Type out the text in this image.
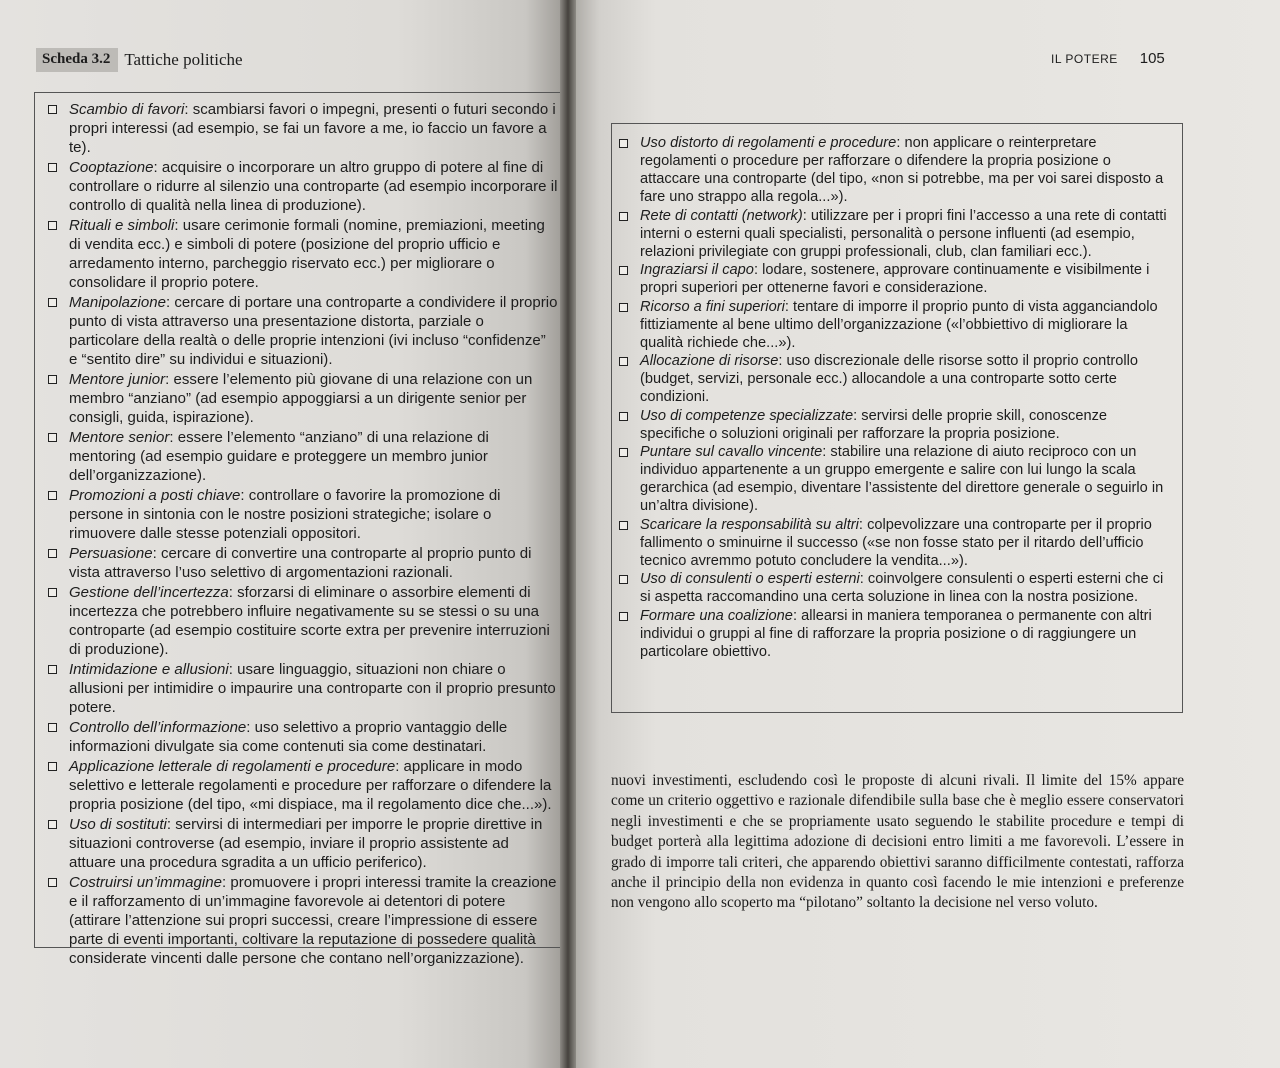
Scheda 3.2 Tattiche politiche
Scambio di favori: scambiarsi favori o impegni, presenti o futuri secondo i propri interessi (ad esempio, se fai un favore a me, io faccio un favore a te).
Cooptazione: acquisire o incorporare un altro gruppo di potere al fine di controllare o ridurre al silenzio una controparte (ad esempio incorporare il controllo di qualità nella linea di produzione).
Rituali e simboli: usare cerimonie formali (nomine, premiazioni, meeting di vendita ecc.) e simboli di potere (posizione del proprio ufficio e arredamento interno, parcheggio riservato ecc.) per migliorare o consolidare il proprio potere.
Manipolazione: cercare di portare una controparte a condividere il proprio punto di vista attraverso una presentazione distorta, parziale o particolare della realtà o delle proprie intenzioni (ivi incluso “confidenze” e “sentito dire” su individui e situazioni).
Mentore junior: essere l’elemento più giovane di una relazione con un membro “anziano” (ad esempio appoggiarsi a un dirigente senior per consigli, guida, ispirazione).
Mentore senior: essere l’elemento “anziano” di una relazione di mentoring (ad esempio guidare e proteggere un membro junior dell’organizzazione).
Promozioni a posti chiave: controllare o favorire la promozione di persone in sintonia con le nostre posizioni strategiche; isolare o rimuovere dalle stesse potenziali oppositori.
Persuasione: cercare di convertire una controparte al proprio punto di vista attraverso l’uso selettivo di argomentazioni razionali.
Gestione dell’incertezza: sforzarsi di eliminare o assorbire elementi di incertezza che potrebbero influire negativamente su se stessi o su una controparte (ad esempio costituire scorte extra per prevenire interruzioni di produzione).
Intimidazione e allusioni: usare linguaggio, situazioni non chiare o allusioni per intimidire o impaurire una controparte con il proprio presunto potere.
Controllo dell’informazione: uso selettivo a proprio vantaggio delle informazioni divulgate sia come contenuti sia come destinatari.
Applicazione letterale di regolamenti e procedure: applicare in modo selettivo e letterale regolamenti e procedure per rafforzare o difendere la propria posizione (del tipo, «mi dispiace, ma il regolamento dice che...»).
Uso di sostituti: servirsi di intermediari per imporre le proprie direttive in situazioni controverse (ad esempio, inviare il proprio assistente ad attuare una procedura sgradita a un ufficio periferico).
Costruirsi un’immagine: promuovere i propri interessi tramite la creazione e il rafforzamento di un’immagine favorevole ai detentori di potere (attirare l’attenzione sui propri successi, creare l’impressione di essere parte di eventi importanti, coltivare la reputazione di possedere qualità considerate vincenti dalle persone che contano nell’organizzazione).
IL POTERE 105
Uso distorto di regolamenti e procedure: non applicare o reinterpretare regolamenti o procedure per rafforzare o difendere la propria posizione o attaccare una controparte (del tipo, «non si potrebbe, ma per voi sarei disposto a fare uno strappo alla regola...»).
Rete di contatti (network): utilizzare per i propri fini l’accesso a una rete di contatti interni o esterni quali specialisti, personalità o persone influenti (ad esempio, relazioni privilegiate con gruppi professionali, club, clan familiari ecc.).
Ingraziarsi il capo: lodare, sostenere, approvare continuamente e visibilmente i propri superiori per ottenerne favori e considerazione.
Ricorso a fini superiori: tentare di imporre il proprio punto di vista agganciandolo fittiziamente al bene ultimo dell’organizzazione («l’obbiettivo di migliorare la qualità richiede che...»).
Allocazione di risorse: uso discrezionale delle risorse sotto il proprio controllo (budget, servizi, personale ecc.) allocandole a una controparte sotto certe condizioni.
Uso di competenze specializzate: servirsi delle proprie skill, conoscenze specifiche o soluzioni originali per rafforzare la propria posizione.
Puntare sul cavallo vincente: stabilire una relazione di aiuto reciproco con un individuo appartenente a un gruppo emergente e salire con lui lungo la scala gerarchica (ad esempio, diventare l’assistente del direttore generale o seguirlo in un’altra divisione).
Scaricare la responsabilità su altri: colpevolizzare una controparte per il proprio fallimento o sminuirne il successo («se non fosse stato per il ritardo dell’ufficio tecnico avremmo potuto concludere la vendita...»).
Uso di consulenti o esperti esterni: coinvolgere consulenti o esperti esterni che ci si aspetta raccomandino una certa soluzione in linea con la nostra posizione.
Formare una coalizione: allearsi in maniera temporanea o permanente con altri individui o gruppi al fine di rafforzare la propria posizione o di raggiungere un particolare obiettivo.

nuovi investimenti, escludendo così le proposte di alcuni rivali. Il limite del 15% appare come un criterio oggettivo e razionale difendibile sulla base che è meglio essere conservatori negli investimenti e che se propriamente usato seguendo le stabilite procedure e tempi di budget porterà alla legittima adozione di decisioni entro limiti a me favorevoli. L’essere in grado di imporre tali criteri, che apparendo obiettivi saranno difficilmente contestati, rafforza anche il principio della non evidenza in quanto così facendo le mie intenzioni e preferenze non vengono allo scoperto ma “pilotano” soltanto la decisione nel verso voluto.
